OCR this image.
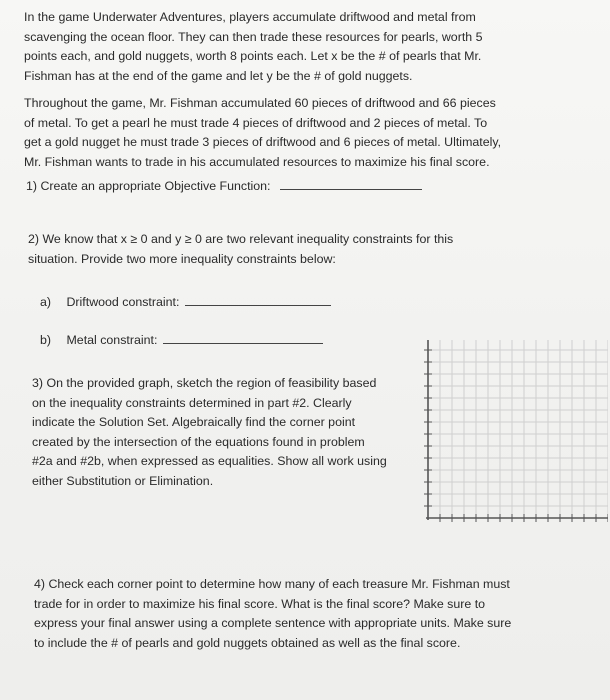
In the game Underwater Adventures, players accumulate driftwood and metal from
scavenging the ocean floor. They can then trade these resources for pearls, worth 5
points each, and gold nuggets, worth 8 points each. Let x be the # of pearls that Mr.
Fishman has at the end of the game and let y be the # of gold nuggets.
Throughout the game, Mr. Fishman accumulated 60 pieces of driftwood and 66 pieces
of metal. To get a pearl he must trade 4 pieces of driftwood and 2 pieces of metal. To
get a gold nugget he must trade 3 pieces of driftwood and 6 pieces of metal. Ultimately,
Mr. Fishman wants to trade in his accumulated resources to maximize his final score.
1) Create an appropriate Objective Function:
2) We know that x ≥ 0 and y ≥ 0 are two relevant inequality constraints for this
situation. Provide two more inequality constraints below:
a) Driftwood constraint:
b) Metal constraint:
3) On the provided graph, sketch the region of feasibility based
on the inequality constraints determined in part #2. Clearly
indicate the Solution Set. Algebraically find the corner point
created by the intersection of the equations found in problem
#2a and #2b, when expressed as equalities. Show all work using
either Substitution or Elimination.
4) Check each corner point to determine how many of each treasure Mr. Fishman must
trade for in order to maximize his final score. What is the final score? Make sure to
express your final answer using a complete sentence with appropriate units. Make sure
to include the # of pearls and gold nuggets obtained as well as the final score.
